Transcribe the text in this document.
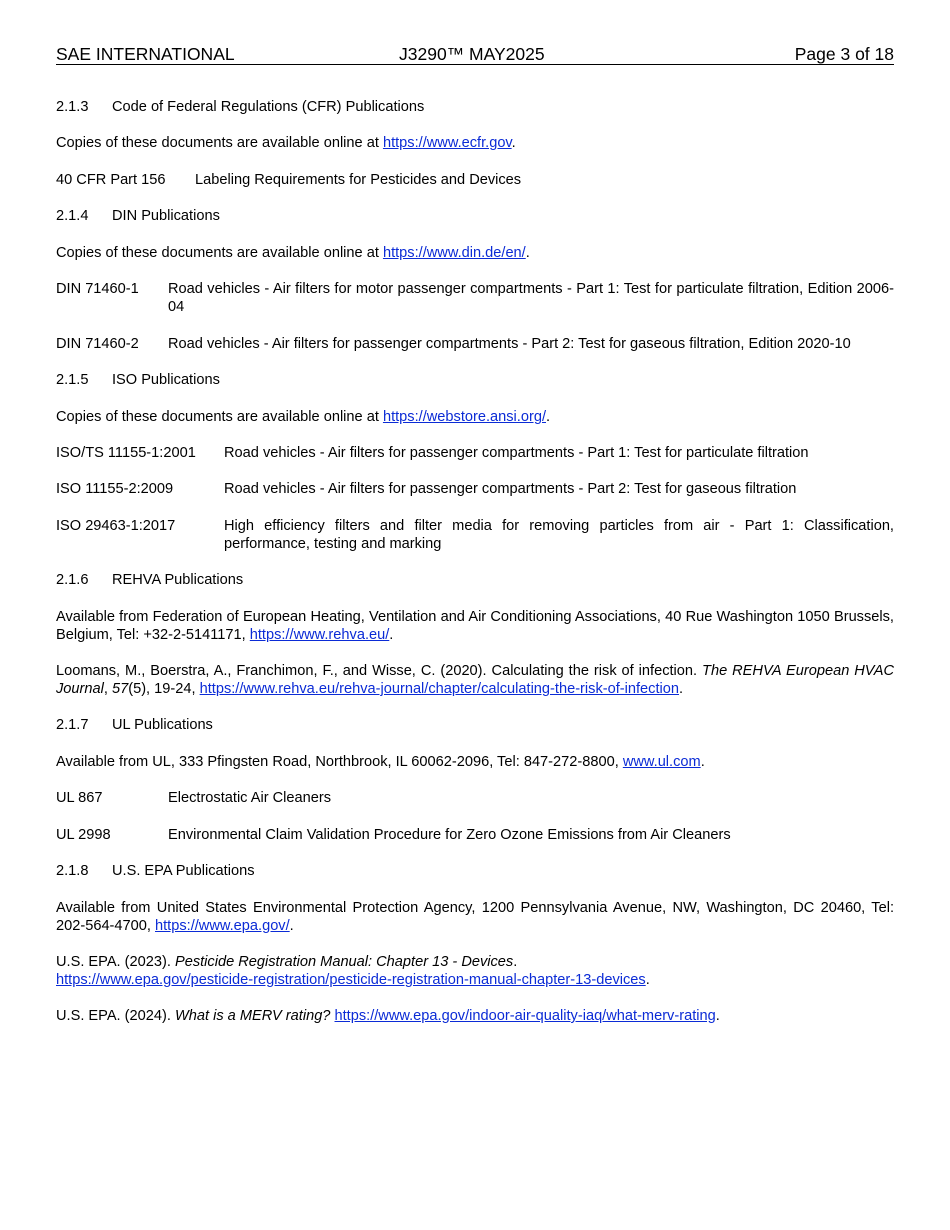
SAE INTERNATIONAL	J3290™ MAY2025	Page 3 of 18
2.1.3 Code of Federal Regulations (CFR) Publications
Copies of these documents are available online at https://www.ecfr.gov.
40 CFR Part 156 Labeling Requirements for Pesticides and Devices
2.1.4 DIN Publications
Copies of these documents are available online at https://www.din.de/en/.
DIN 71460-1 Road vehicles - Air filters for motor passenger compartments - Part 1: Test for particulate filtration, Edition 2006-04
DIN 71460-2 Road vehicles - Air filters for passenger compartments - Part 2: Test for gaseous filtration, Edition 2020-10
2.1.5 ISO Publications
Copies of these documents are available online at https://webstore.ansi.org/.
ISO/TS 11155-1:2001 Road vehicles - Air filters for passenger compartments - Part 1: Test for particulate filtration
ISO 11155-2:2009	Road vehicles - Air filters for passenger compartments - Part 2: Test for gaseous filtration
ISO 29463-1:2017	High efficiency filters and filter media for removing particles from air - Part 1: Classification, performance, testing and marking
2.1.6 REHVA Publications
Available from Federation of European Heating, Ventilation and Air Conditioning Associations, 40 Rue Washington 1050 Brussels, Belgium, Tel: +32-2-5141171, https://www.rehva.eu/.
Loomans, M., Boerstra, A., Franchimon, F., and Wisse, C. (2020). Calculating the risk of infection. The REHVA European HVAC Journal, 57(5), 19-24, https://www.rehva.eu/rehva-journal/chapter/calculating-the-risk-of-infection.
2.1.7 UL Publications
Available from UL, 333 Pfingsten Road, Northbrook, IL 60062-2096, Tel: 847-272-8800, www.ul.com.
UL 867	Electrostatic Air Cleaners
UL 2998	Environmental Claim Validation Procedure for Zero Ozone Emissions from Air Cleaners
2.1.8 U.S. EPA Publications
Available from United States Environmental Protection Agency, 1200 Pennsylvania Avenue, NW, Washington, DC 20460, Tel: 202-564-4700, https://www.epa.gov/.
U.S. EPA. (2023). Pesticide Registration Manual: Chapter 13 - Devices.
https://www.epa.gov/pesticide-registration/pesticide-registration-manual-chapter-13-devices.
U.S. EPA. (2024). What is a MERV rating? https://www.epa.gov/indoor-air-quality-iaq/what-merv-rating.
